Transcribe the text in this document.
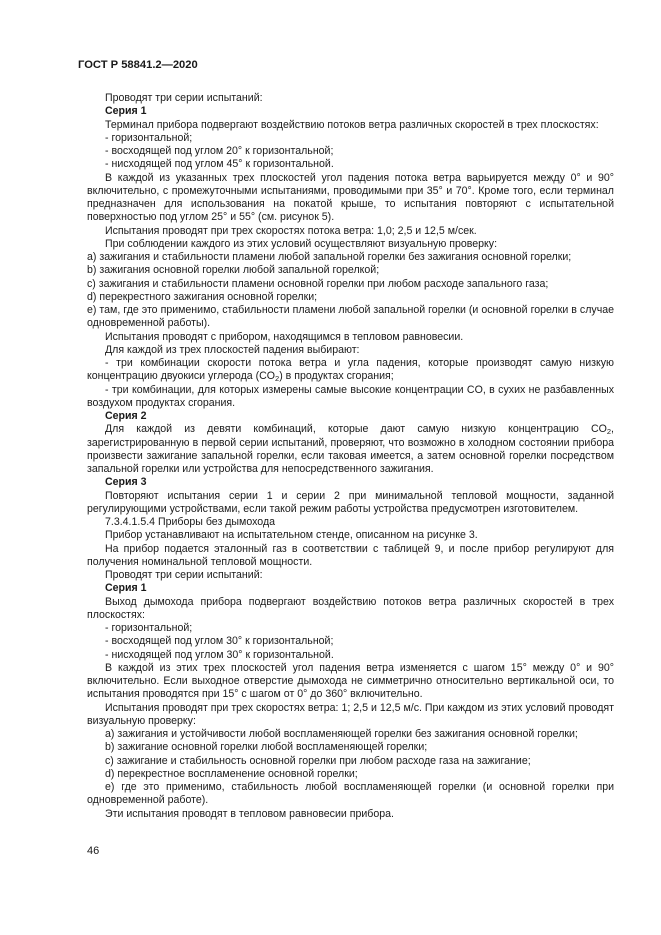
ГОСТ Р 58841.2—2020

Проводят три серии испытаний:

Серия 1

Терминал прибора подвергают воздействию потоков ветра различных скоростей в трех плоскостях:

- горизонтальной;

- восходящей под углом 20° к горизонтальной;

- нисходящей под углом 45° к горизонтальной.

В каждой из указанных трех плоскостей угол падения потока ветра варьируется между 0° и 90° включительно, с промежуточными испытаниями, проводимыми при 35° и 70°. Кроме того, если терминал предназначен для использования на покатой крыше, то испытания повторяют с испытательной поверхностью под углом 25° и 55° (см. рисунок 5).

Испытания проводят при трех скоростях потока ветра: 1,0; 2,5 и 12,5 м/сек.

При соблюдении каждого из этих условий осуществляют визуальную проверку:

a) зажигания и стабильности пламени любой запальной горелки без зажигания основной горелки;

b) зажигания основной горелки любой запальной горелкой;

c) зажигания и стабильности пламени основной горелки при любом расходе запального газа;

d) перекрестного зажигания основной горелки;

e) там, где это применимо, стабильности пламени любой запальной горелки (и основной горелки в случае одновременной работы).

Испытания проводят с прибором, находящимся в тепловом равновесии.

Для каждой из трех плоскостей падения выбирают:

- три комбинации скорости потока ветра и угла падения, которые производят самую низкую концентрацию двуокиси углерода $(CO_2)$ в продуктах сгорания;

- три комбинации, для которых измерены самые высокие концентрации CO, в сухих не разбавленных воздухом продуктах сгорания.

Серия 2

Для каждой из девяти комбинаций, которые дают самую низкую концентрацию $CO_2$, зарегистрированную в первой серии испытаний, проверяют, что возможно в холодном состоянии прибора произвести зажигание запальной горелки, если таковая имеется, а затем основной горелки посредством запальной горелки или устройства для непосредственного зажигания.

Серия 3

Повторяют испытания серии 1 и серии 2 при минимальной тепловой мощности, заданной регулирующими устройствами, если такой режим работы устройства предусмотрен изготовителем.

7.3.4.1.5.4 Приборы без дымохода

Прибор устанавливают на испытательном стенде, описанном на рисунке 3.

На прибор подается эталонный газ в соответствии с таблицей 9, и после прибор регулируют для получения номинальной тепловой мощности.

Проводят три серии испытаний:

Серия 1

Выход дымохода прибора подвергают воздействию потоков ветра различных скоростей в трех плоскостях:

- горизонтальной;

- восходящей под углом 30° к горизонтальной;

- нисходящей под углом 30° к горизонтальной.

В каждой из этих трех плоскостей угол падения ветра изменяется с шагом 15° между 0° и 90° включительно. Если выходное отверстие дымохода не симметрично относительно вертикальной оси, то испытания проводятся при 15° с шагом от 0° до 360° включительно.

Испытания проводят при трех скоростях ветра: 1; 2,5 и 12,5 м/с. При каждом из этих условий проводят визуальную проверку:

a) зажигания и устойчивости любой воспламеняющей горелки без зажигания основной горелки;

b) зажигание основной горелки любой воспламеняющей горелки;

c) зажигание и стабильность основной горелки при любом расходе газа на зажигание;

d) перекрестное воспламенение основной горелки;

e) где это применимо, стабильность любой воспламеняющей горелки (и основной горелки при одновременной работе).

Эти испытания проводят в тепловом равновесии прибора.

46
